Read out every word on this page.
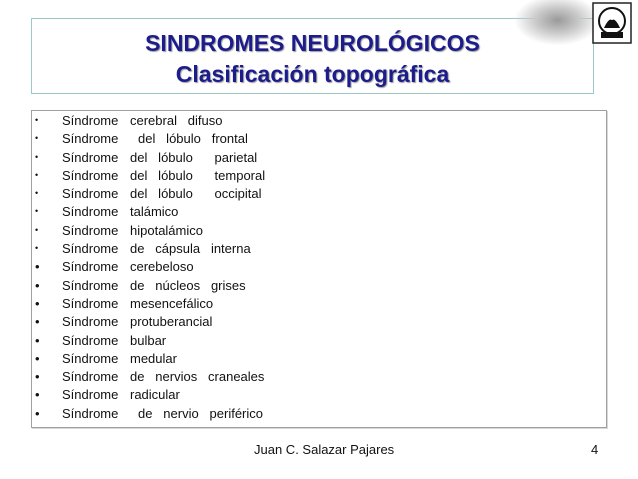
SINDROMES NEUROLÓGICOS
Clasificación topográfica
• Síndrome cerebral   difuso
• Síndrome del   lóbulo   frontal
• Síndrome del   lóbulo      parietal
• Síndrome del   lóbulo      temporal
• Síndrome del   lóbulo      occipital
• Síndrome talámico
• Síndrome hipotalámico
• Síndrome de   cápsula   interna
• Síndrome cerebeloso
• Síndrome de   núcleos   grises
• Síndrome mesencefálico
• Síndrome protuberancial
• Síndrome bulbar
• Síndrome medular
• Síndrome de   nervios   craneales
• Síndrome radicular
• Síndrome de   nervio   periférico
Juan C. Salazar Pajares	4
